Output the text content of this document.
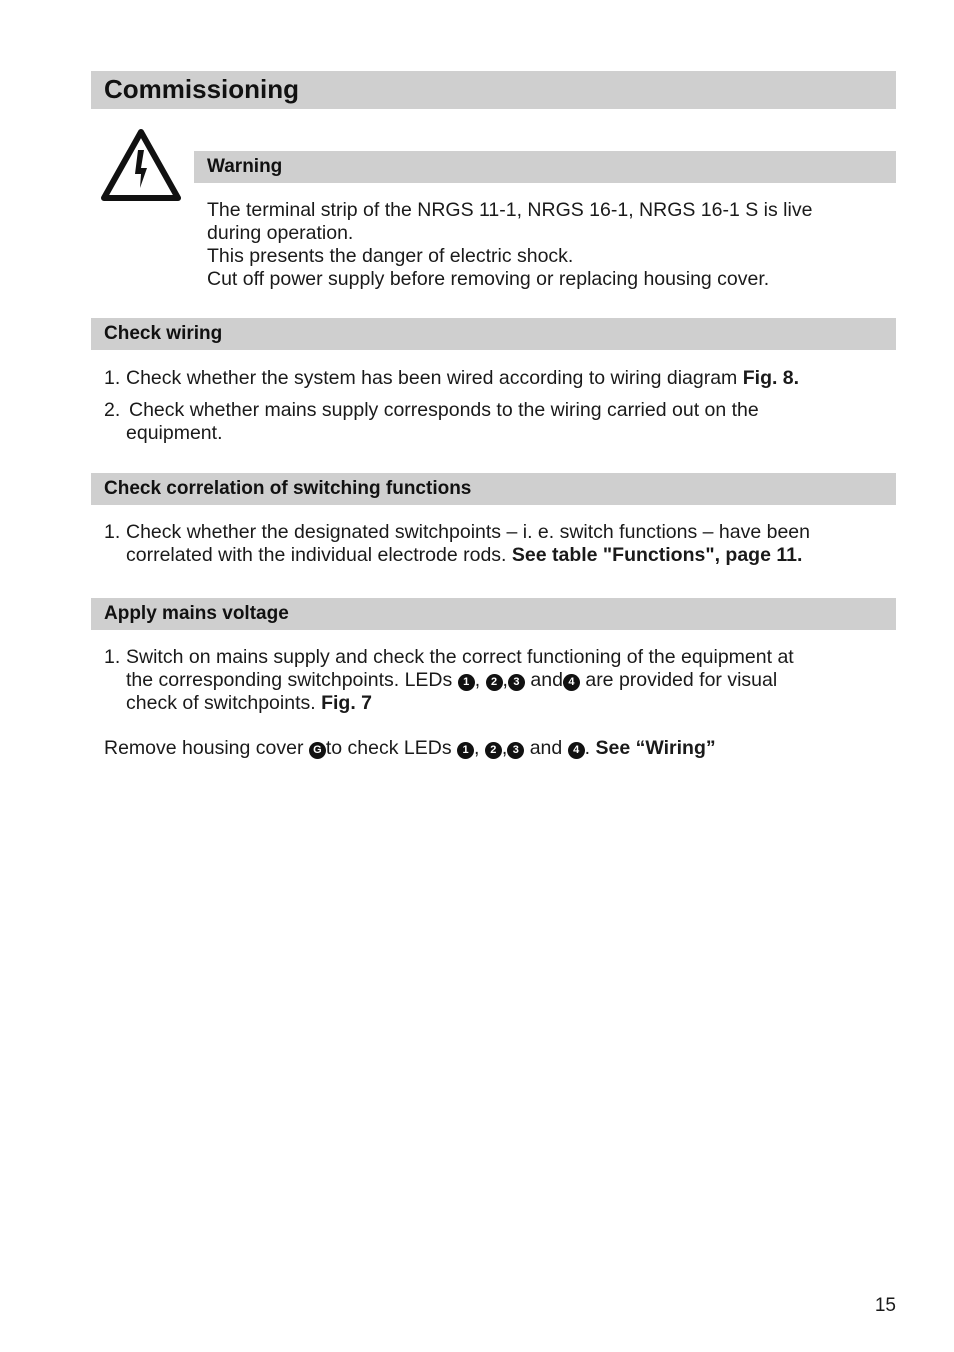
Commissioning
Warning

The terminal strip of the NRGS 11-1, NRGS 16-1, NRGS 16-1 S is live

during operation.

This presents the danger of electric shock.

Cut off power supply before removing or replacing housing cover.

Check wiring
1. Check whether the system has been wired according to wiring diagram Fig. 8.
2. Check whether mains supply corresponds to the wiring carried out on the
equipment.
Check correlation of switching functions
1. Check whether the designated switchpoints – i. e. switch functions – have been
correlated with the individual electrode rods. See table "Functions", page 11.
Apply mains voltage
1. Switch on mains supply and check the correct functioning of the equipment at
the corresponding switchpoints. LEDs 1 , 2 , 3 and 4 are provided for visual
check of switchpoints. Fig. 7
Remove housing cover G to check LEDs 1 , 2 , 3 and 4 . See “Wiring”
15
